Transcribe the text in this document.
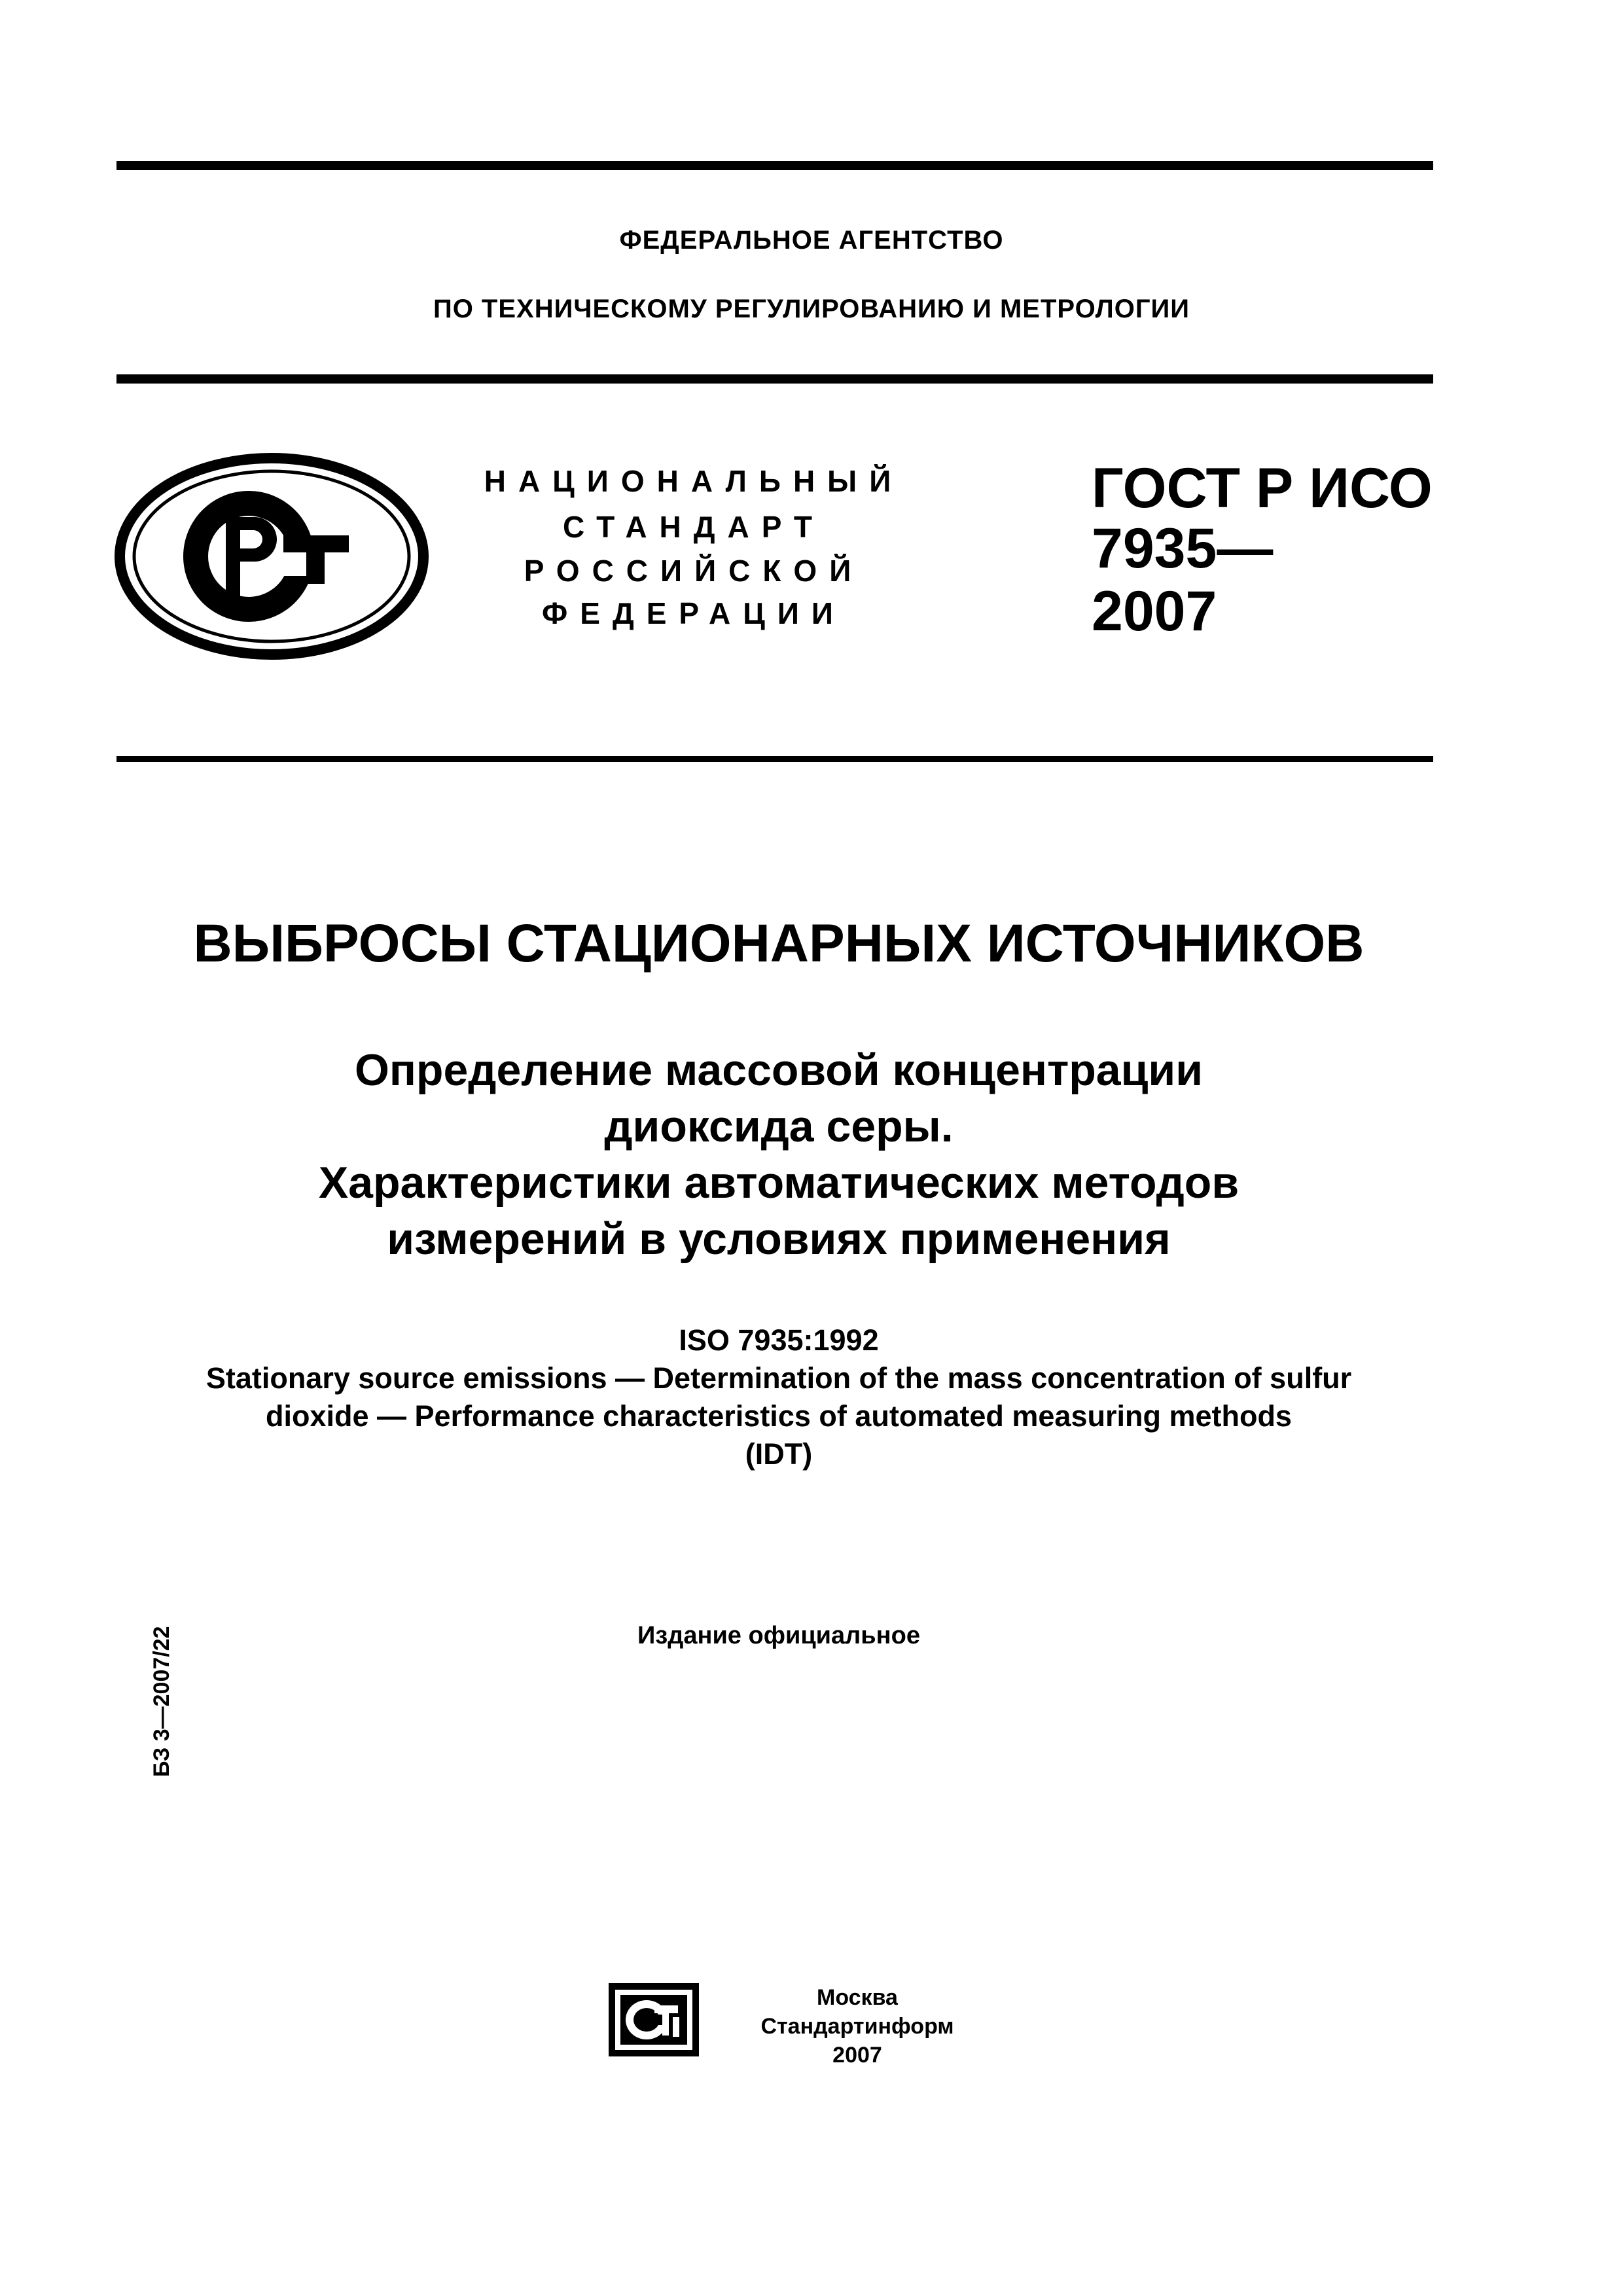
ФЕДЕРАЛЬНОЕ АГЕНТСТВО
ПО ТЕХНИЧЕСКОМУ РЕГУЛИРОВАНИЮ И МЕТРОЛОГИИ
НАЦИОНАЛЬНЫЙ
СТАНДАРТ
РОССИЙСКОЙ
ФЕДЕРАЦИИ
ГОСТ Р ИСО
7935—
2007
ВЫБРОСЫ СТАЦИОНАРНЫХ ИСТОЧНИКОВ
Определение массовой концентрации
диоксида серы.
Характеристики автоматических методов
измерений в условиях применения
ISO 7935:1992
Stationary source emissions — Determination of the mass concentration of sulfur
dioxide — Performance characteristics of automated measuring methods
(IDT)
Издание официальное
БЗ 3—2007/22
Москва
Стандартинформ
2007
